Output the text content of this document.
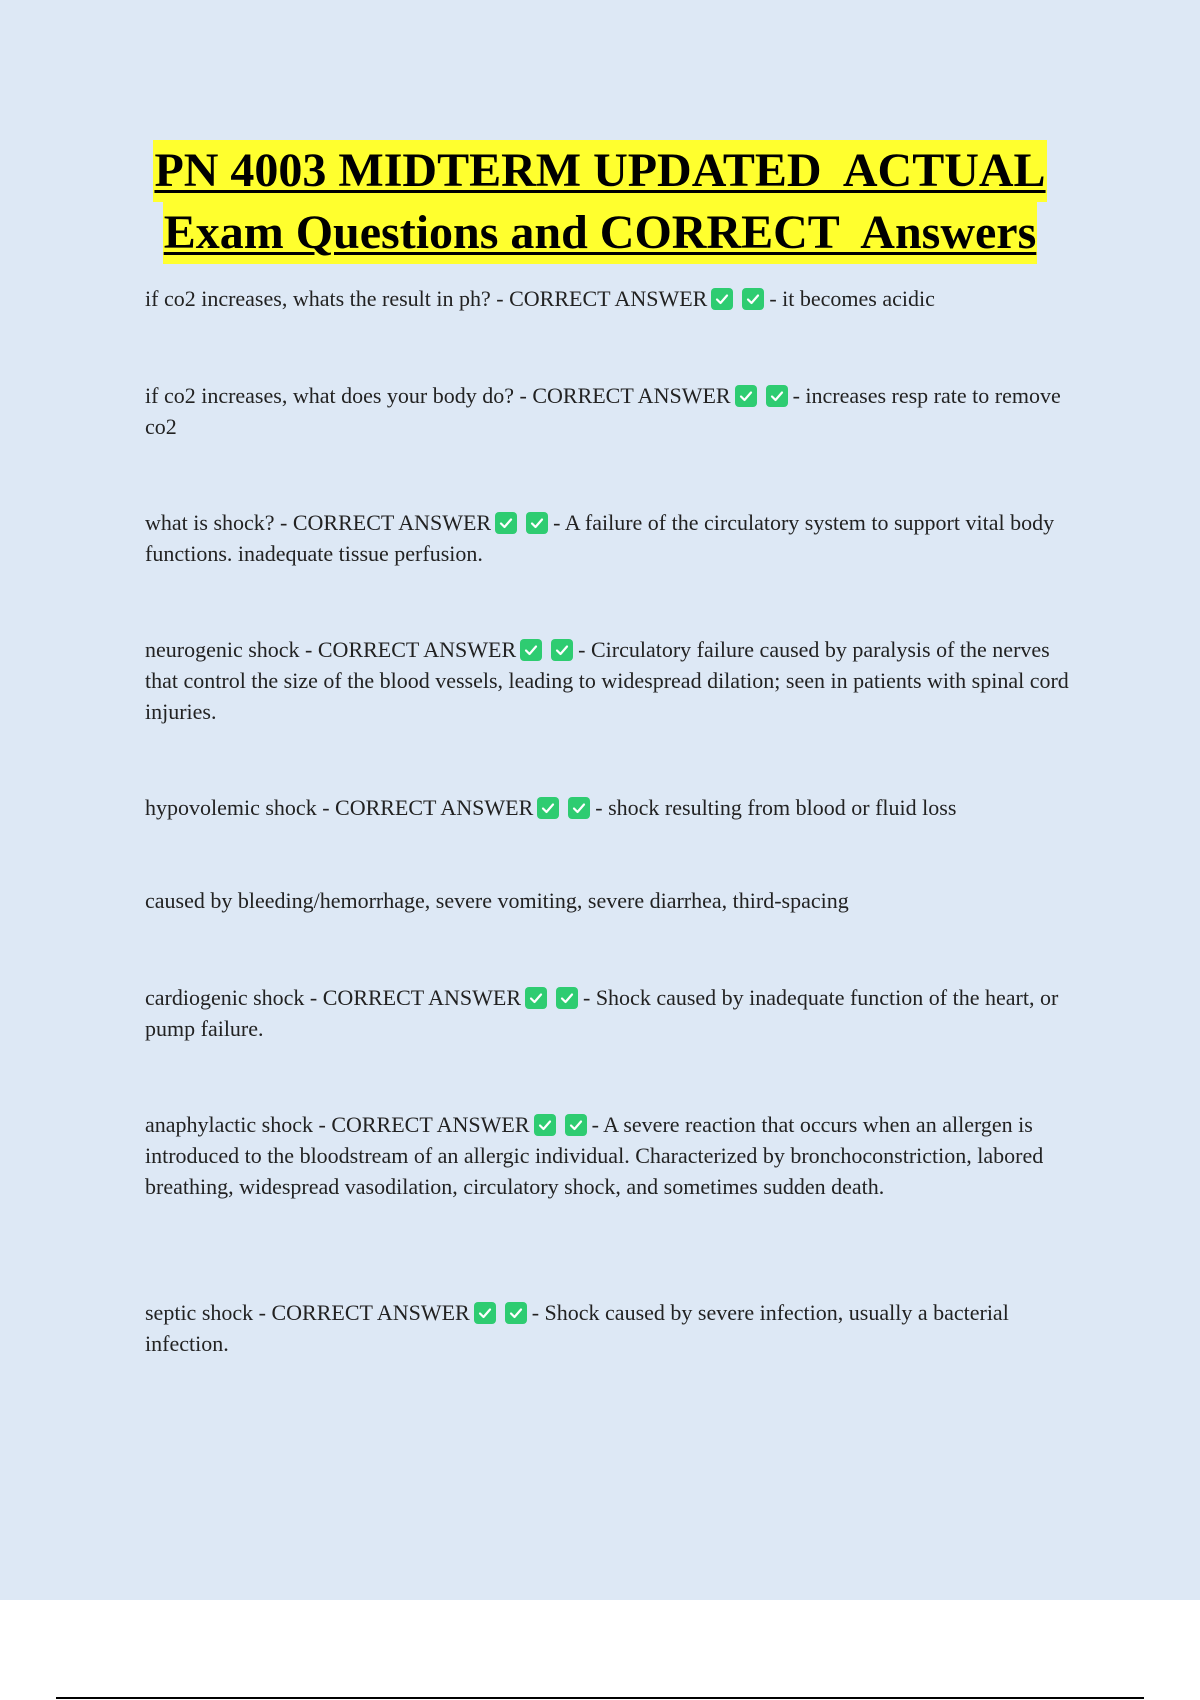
PN 4003 MIDTERM UPDATED  ACTUAL
Exam Questions and CORRECT  Answers
if co2 increases, whats the result in ph? - CORRECT ANSWER	- it becomes acidic
if co2 increases, what does your body do? - CORRECT ANSWER	- increases resp rate to remove co2
what is shock? - CORRECT ANSWER	- A failure of the circulatory system to support vital body functions. inadequate tissue perfusion.
neurogenic shock - CORRECT ANSWER	- Circulatory failure caused by paralysis of the nerves that control the size of the blood vessels, leading to widespread dilation; seen in patients with spinal cord injuries.
hypovolemic shock - CORRECT ANSWER	- shock resulting from blood or fluid loss
caused by bleeding/hemorrhage, severe vomiting, severe diarrhea, third-spacing
cardiogenic shock - CORRECT ANSWER	- Shock caused by inadequate function of the heart, or pump failure.
anaphylactic shock - CORRECT ANSWER	- A severe reaction that occurs when an allergen is introduced to the bloodstream of an allergic individual. Characterized by bronchoconstriction, labored breathing, widespread vasodilation, circulatory shock, and sometimes sudden death.
septic shock - CORRECT ANSWER	- Shock caused by severe infection, usually a bacterial infection.
